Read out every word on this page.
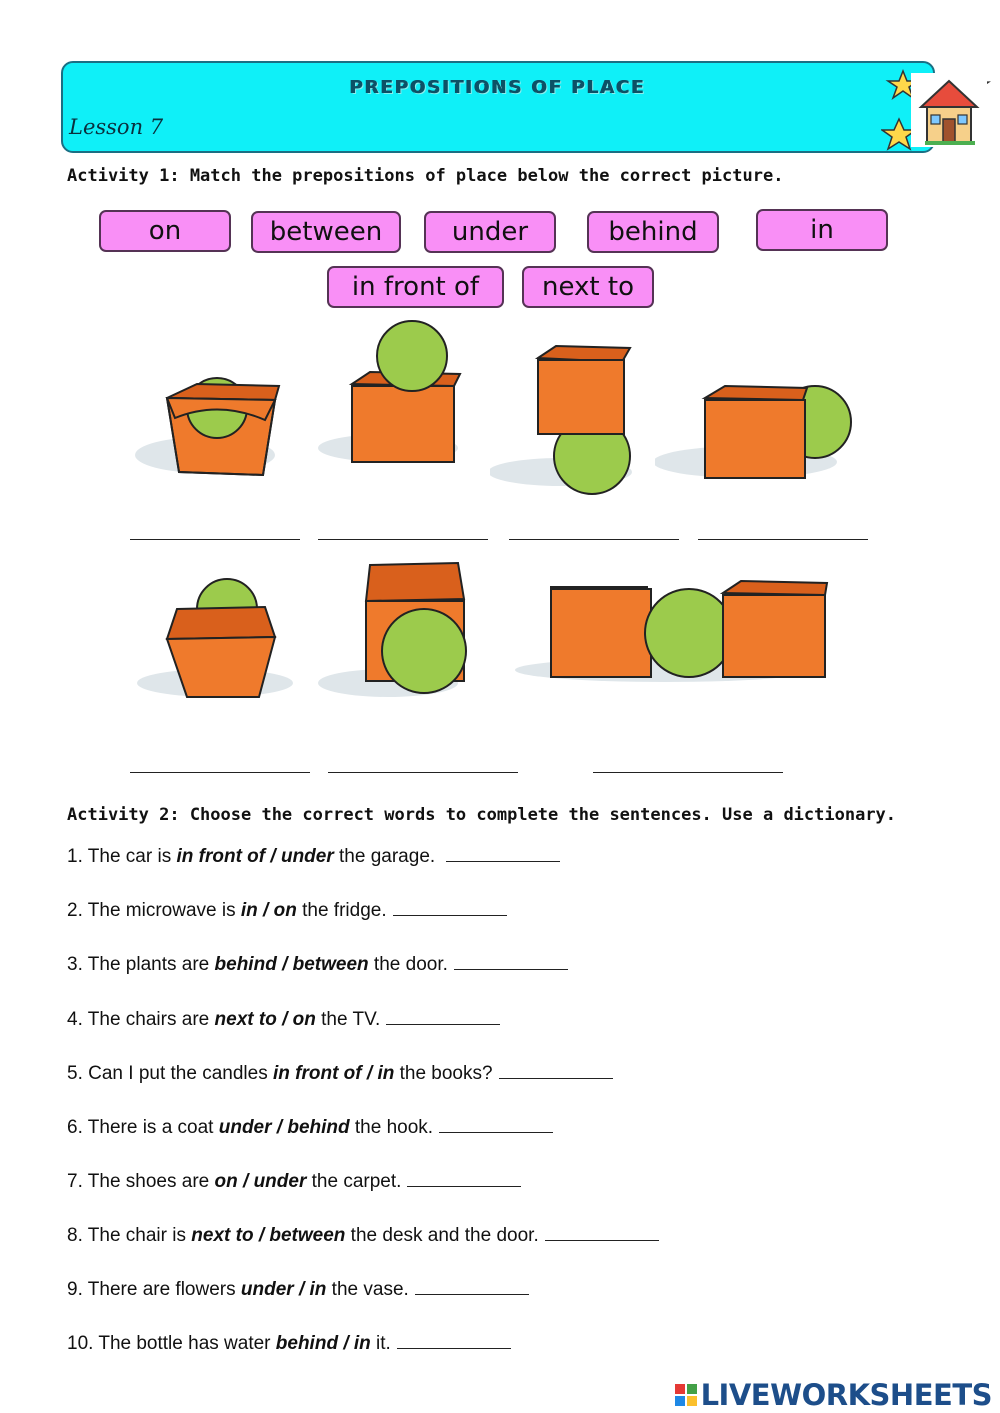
PREPOSITIONS OF PLACE
Lesson 7
Activity 1: Match the prepositions of place below the correct picture.
on	between	under	behind	in
in front of	next to
Activity 2: Choose the correct words to complete the sentences. Use a dictionary.
1. The car is in front of / under the garage.
2. The microwave is in / on the fridge.
3. The plants are behind / between the door.
4. The chairs are next to / on the TV.
5. Can I put the candles in front of / in the books?
6. There is a coat under / behind the hook.
7. The shoes are on / under the carpet.
8. The chair is next to / between the desk and the door.
9. There are flowers under / in the vase.
10. The bottle has water behind / in it.
LIVEWORKSHEETS
